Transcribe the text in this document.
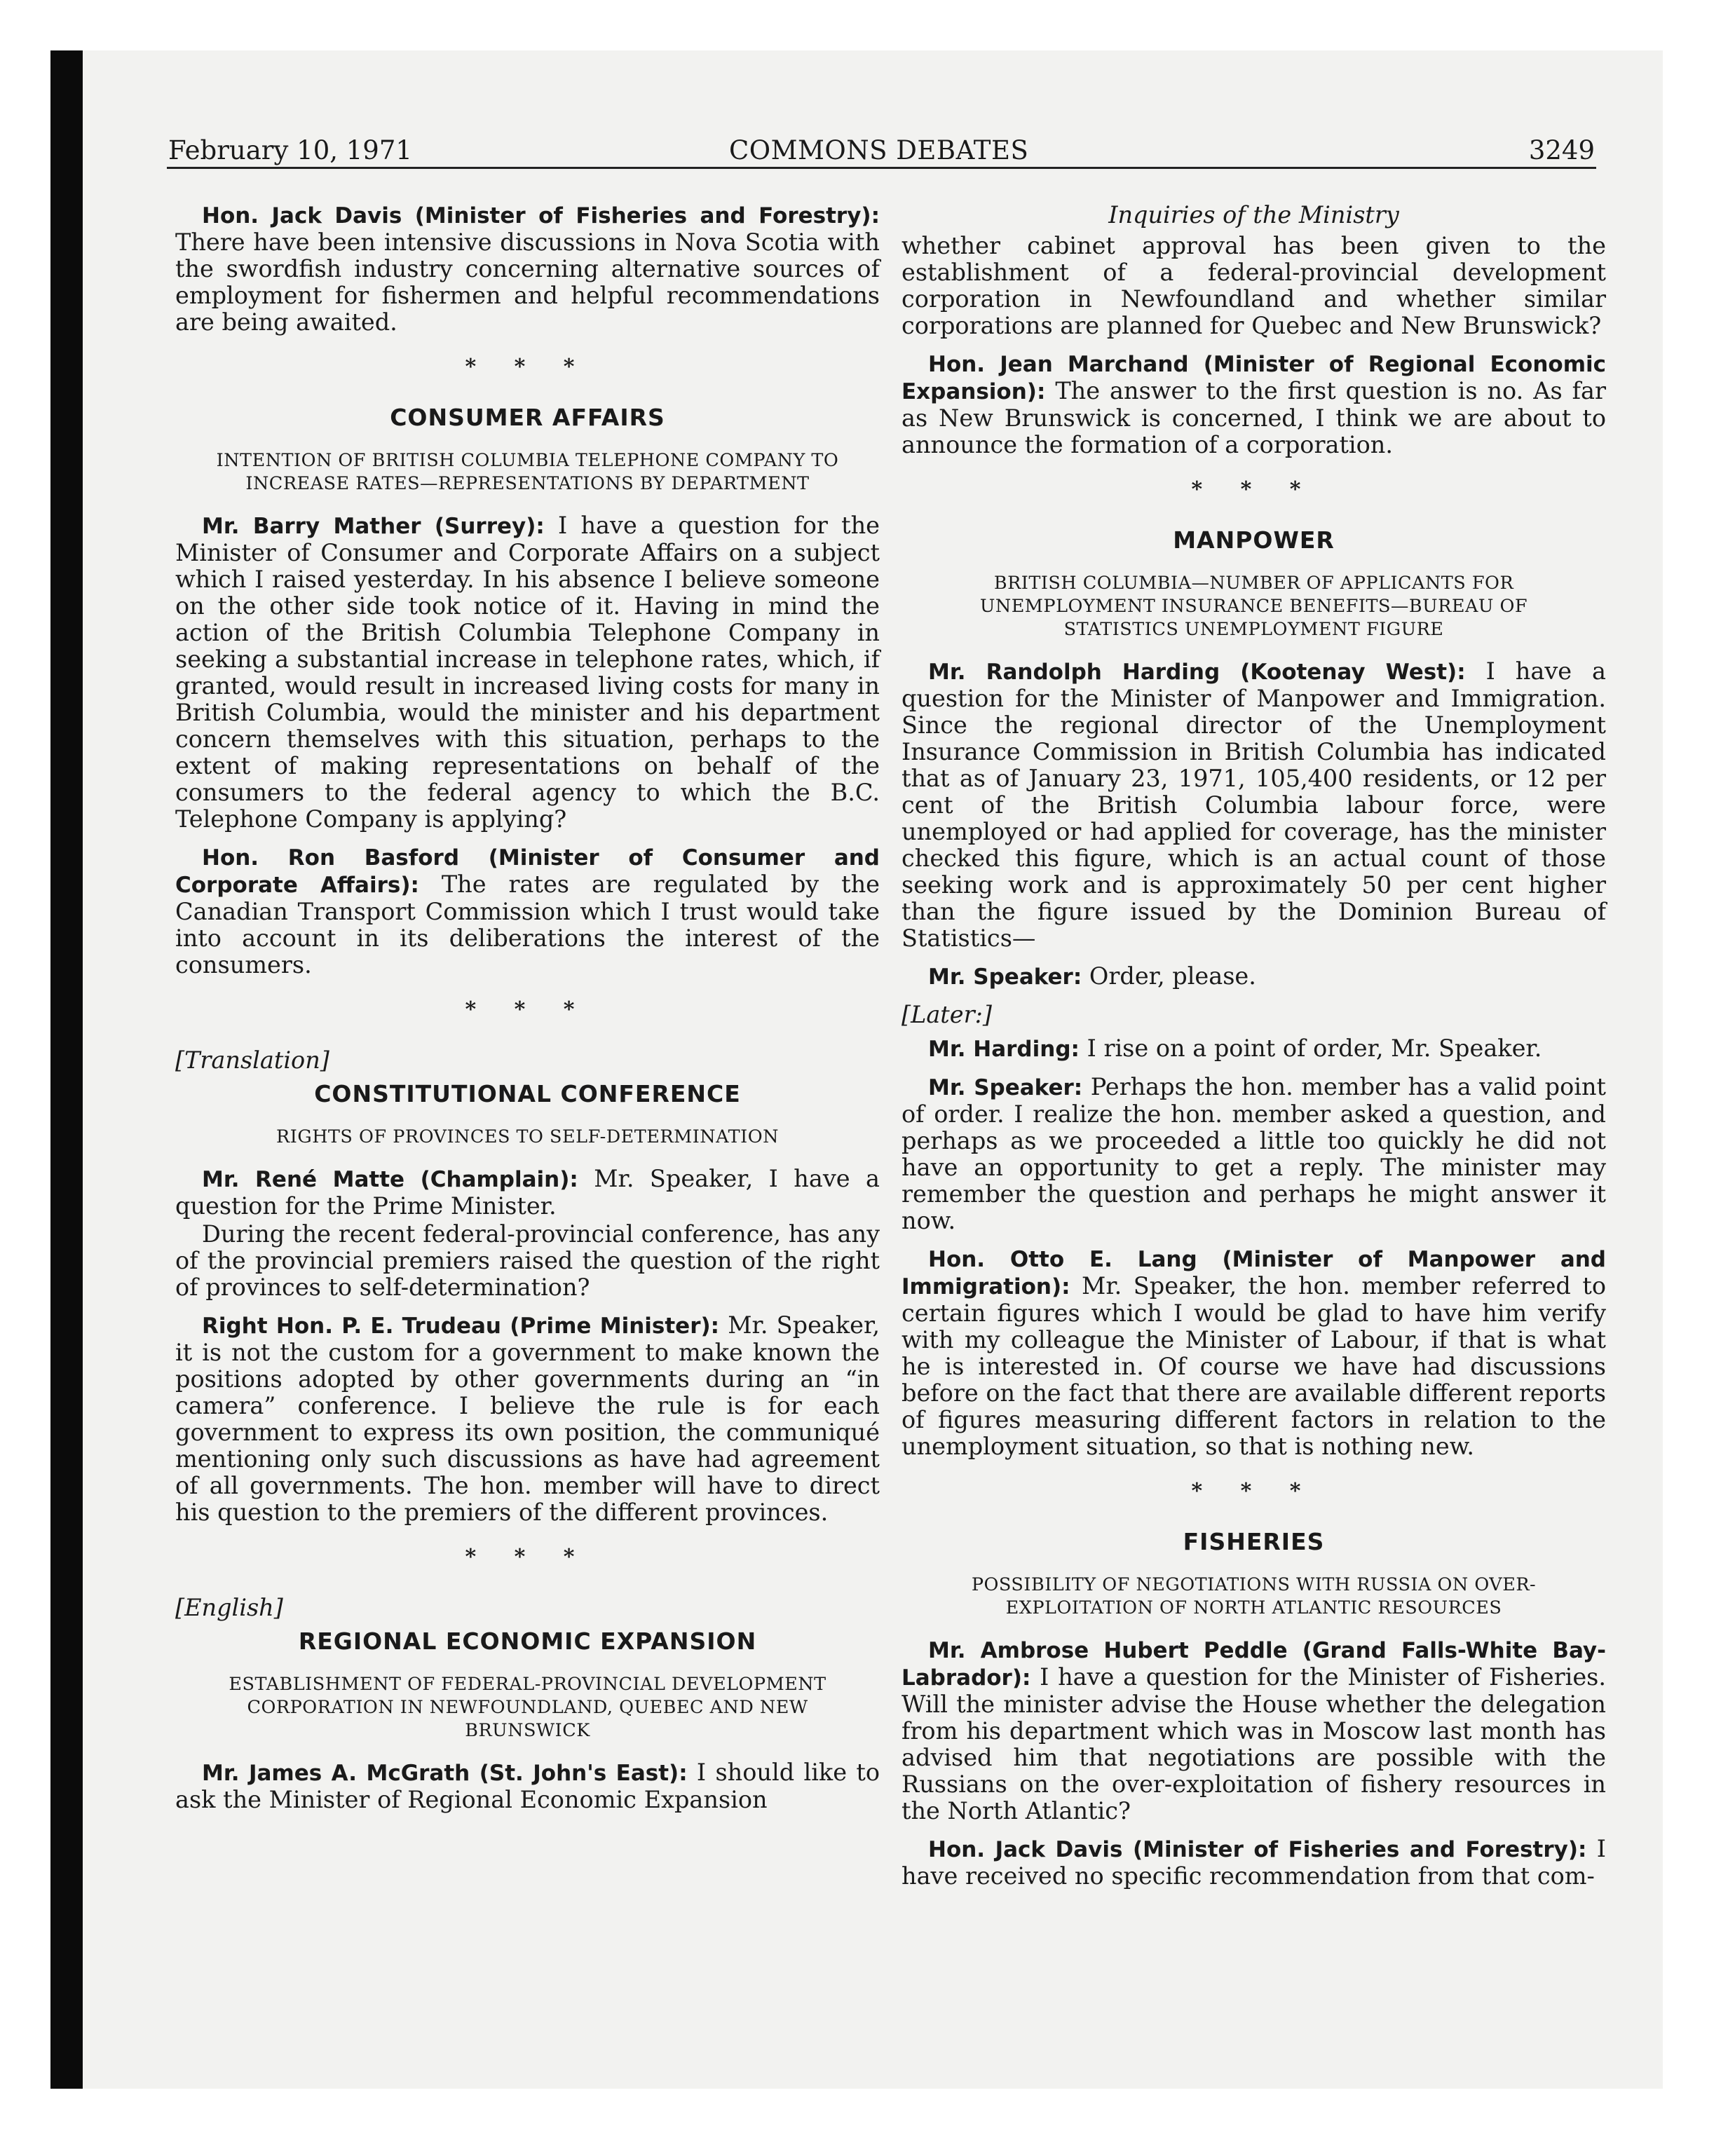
February 10, 1971	COMMONS DEBATES	3249

Hon. Jack Davis (Minister of Fisheries and Forestry): There have been intensive discussions in Nova Scotia with the swordfish industry concerning alternative sources of employment for fishermen and helpful recommendations are being awaited.

* * *
CONSUMER AFFAIRS
INTENTION OF BRITISH COLUMBIA TELEPHONE COMPANY TO INCREASE RATES—REPRESENTATIONS BY DEPARTMENT

Mr. Barry Mather (Surrey): I have a question for the Minister of Consumer and Corporate Affairs on a subject which I raised yesterday. In his absence I believe someone on the other side took notice of it. Having in mind the action of the British Columbia Telephone Company in seeking a substantial increase in telephone rates, which, if granted, would result in increased living costs for many in British Columbia, would the minister and his department concern themselves with this situation, perhaps to the extent of making representations on behalf of the consumers to the federal agency to which the B.C. Telephone Company is applying?

Hon. Ron Basford (Minister of Consumer and Corporate Affairs): The rates are regulated by the Canadian Transport Commission which I trust would take into account in its deliberations the interest of the consumers.

* * *
[Translation]
CONSTITUTIONAL CONFERENCE
RIGHTS OF PROVINCES TO SELF-DETERMINATION

Mr. René Matte (Champlain): Mr. Speaker, I have a question for the Prime Minister.

During the recent federal-provincial conference, has any of the provincial premiers raised the question of the right of provinces to self-determination?

Right Hon. P. E. Trudeau (Prime Minister): Mr. Speaker, it is not the custom for a government to make known the positions adopted by other governments during an “in camera” conference. I believe the rule is for each government to express its own position, the communiqué mentioning only such discussions as have had agreement of all governments. The hon. member will have to direct his question to the premiers of the different provinces.

* * *
[English]
REGIONAL ECONOMIC EXPANSION
ESTABLISHMENT OF FEDERAL-PROVINCIAL DEVELOPMENT CORPORATION IN NEWFOUNDLAND, QUEBEC AND NEW BRUNSWICK

Mr. James A. McGrath (St. John's East): I should like to ask the Minister of Regional Economic Expansion

Inquiries of the Ministry

whether cabinet approval has been given to the establishment of a federal-provincial development corporation in Newfoundland and whether similar corporations are planned for Quebec and New Brunswick?

Hon. Jean Marchand (Minister of Regional Economic Expansion): The answer to the first question is no. As far as New Brunswick is concerned, I think we are about to announce the formation of a corporation.

* * *
MANPOWER
BRITISH COLUMBIA—NUMBER OF APPLICANTS FOR UNEMPLOYMENT INSURANCE BENEFITS—BUREAU OF STATISTICS UNEMPLOYMENT FIGURE

Mr. Randolph Harding (Kootenay West): I have a question for the Minister of Manpower and Immigration. Since the regional director of the Unemployment Insurance Commission in British Columbia has indicated that as of January 23, 1971, 105,400 residents, or 12 per cent of the British Columbia labour force, were unemployed or had applied for coverage, has the minister checked this figure, which is an actual count of those seeking work and is approximately 50 per cent higher than the figure issued by the Dominion Bureau of Statistics—

Mr. Speaker: Order, please.

[Later:]

Mr. Harding: I rise on a point of order, Mr. Speaker.

Mr. Speaker: Perhaps the hon. member has a valid point of order. I realize the hon. member asked a question, and perhaps as we proceeded a little too quickly he did not have an opportunity to get a reply. The minister may remember the question and perhaps he might answer it now.

Hon. Otto E. Lang (Minister of Manpower and Immigration): Mr. Speaker, the hon. member referred to certain figures which I would be glad to have him verify with my colleague the Minister of Labour, if that is what he is interested in. Of course we have had discussions before on the fact that there are available different reports of figures measuring different factors in relation to the unemployment situation, so that is nothing new.

* * *
FISHERIES
POSSIBILITY OF NEGOTIATIONS WITH RUSSIA ON OVER-EXPLOITATION OF NORTH ATLANTIC RESOURCES

Mr. Ambrose Hubert Peddle (Grand Falls-White Bay-Labrador): I have a question for the Minister of Fisheries. Will the minister advise the House whether the delegation from his department which was in Moscow last month has advised him that negotiations are possible with the Russians on the over-exploitation of fishery resources in the North Atlantic?

Hon. Jack Davis (Minister of Fisheries and Forestry): I have received no specific recommendation from that com-
